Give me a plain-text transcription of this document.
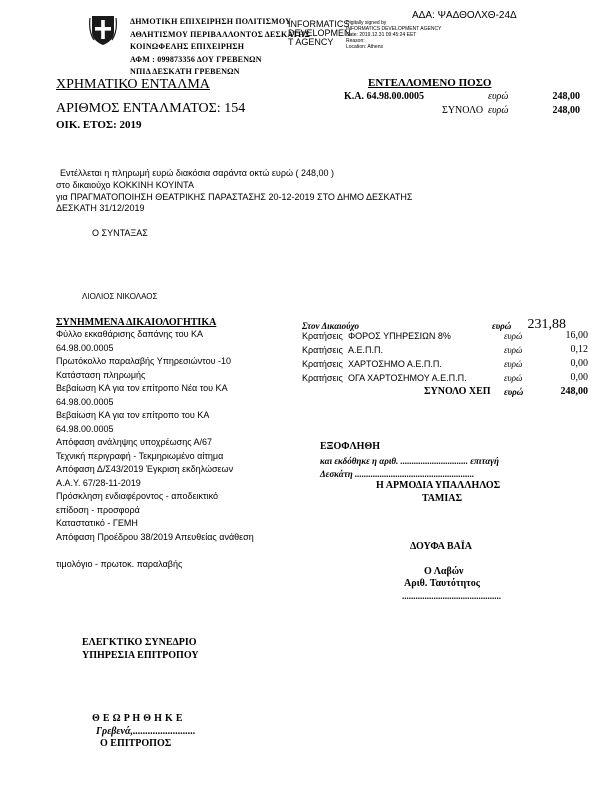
ΑΔΑ: ΨΑΔΘΟΛΧΘ-24Δ
ΔΗΜΟΤΙΚΗ ΕΠΙΧΕΙΡΗΣΗ ΠΟΛΙΤΙΣΜΟΥ
ΑΘΛΗΤΙΣΜΟΥ ΠΕΡΙΒΑΛΛΟΝΤΟΣ ΔΕΣΚΑΤΗΣ
ΚΟΙΝΩΦΕΛΗΣ ΕΠΙΧΕΙΡΗΣΗ
ΑΦΜ : 099873356 ΔΟΥ ΓΡΕΒΕΝΩΝ
ΝΠΙΔ ΔΕΣΚΑΤΗ ΓΡΕΒΕΝΩΝ
INFORMATICS
DEVELOPMEN
T AGENCY
Digitally signed by
INFORMATICS DEVELOPMENT AGENCY
Date: 2019.12.31 09:45:24 EET
Reason:
Location: Athens
ΧΡΗΜΑΤΙΚΟ ΕΝΤΑΛΜΑ
ΑΡΙΘΜΟΣ ΕΝΤΑΛΜΑΤΟΣ: 154
ΟΙΚ. ΕΤΟΣ: 2019
ΕΝΤΕΛΛΟΜΕΝΟ ΠΟΣΟ
Κ.Α. 64.98.00.0005	ευρώ	248,00
ΣΥΝΟΛΟ ευρώ	248,00
Εντέλλεται η πληρωμή ευρώ διακόσια σαράντα οκτώ ευρώ ( 248,00 )
στο δικαιούχο ΚΟΚΚΙΝΗ ΚΟΥΙΝΤΑ
για ΠΡΑΓΜΑΤΟΠΟΙΗΣΗ ΘΕΑΤΡΙΚΗΣ ΠΑΡΑΣΤΑΣΗΣ 20-12-2019 ΣΤΟ ΔΗΜΟ ΔΕΣΚΑΤΗΣ
ΔΕΣΚΑΤΗ 31/12/2019
Ο ΣΥΝΤΑΞΑΣ
ΛΙΟΛΙΟΣ ΝΙΚΟΛΑΟΣ
ΣΥΝΗΜΜΕΝΑ ΔΙΚΑΙΟΛΟΓΗΤΙΚΑ
Φύλλο εκκαθάρισης δαπάνης του ΚΑ
64.98.00.0005
Πρωτόκολλο παραλαβής Υπηρεσιώντου -10
Κατάσταση πληρωμής
Βεβαίωση ΚΑ για τον επίτροπο Νέα του ΚΑ
64.98.00.0005
Βεβαίωση ΚΑ για τον επίτροπο του ΚΑ
64.98.00.0005
Απόφαση ανάληψης υποχρέωσης Α/67
Τεχνική περιγραφή - Τεκμηριωμένο αίτημα
Απόφαση Δ/Σ43/2019 Έγκριση εκδηλώσεων
Α.Α.Υ. 67/28-11-2019
Πρόσκληση ενδιαφέροντος - αποδεικτικό
επίδοση - προσφορά
Καταστατικό - ΓΕΜΗ
Απόφαση Προέδρου 38/2019 Απευθείας ανάθεση
τιμολόγιο - πρωτοκ. παραλαβής
Στον Δικαιούχο	ευρώ	231,88
Κρατήσεις ΦΟΡΟΣ ΥΠΗΡΕΣΙΩΝ 8%	ευρώ	16,00
Κρατήσεις Α.Ε.Π.Π.	ευρώ	0,12
Κρατήσεις ΧΑΡΤΟΣΗΜΟ Α.Ε.Π.Π.	ευρώ	0,00
Κρατήσεις ΟΓΑ ΧΑΡΤΟΣΗΜΟΥ Α.Ε.Π.Π.	ευρώ	0,00
ΣΥΝΟΛΟ ΧΕΠ ευρώ	248,00
ΕΞΟΦΛΗΘΗ
και εκδόθηκε η αριθ. .............................. επιταγή
Δεσκάτη .....................................................
Η ΑΡΜΟΔΙΑ ΥΠΑΛΛΗΛΟΣ
ΤΑΜΙΑΣ
ΔΟΥΦΑ ΒΑΪΑ
Ο Λαβών
Αριθ. Ταυτότητος
............................................
ΕΛΕΓΚΤΙΚΟ ΣΥΝΕΔΡΙΟ
ΥΠΗΡΕΣΙΑ ΕΠΙΤΡΟΠΟΥ
Θ Ε Ω Ρ Η Θ Η Κ Ε
Γρεβενά,.........................
Ο ΕΠΙΤΡΟΠΟΣ
